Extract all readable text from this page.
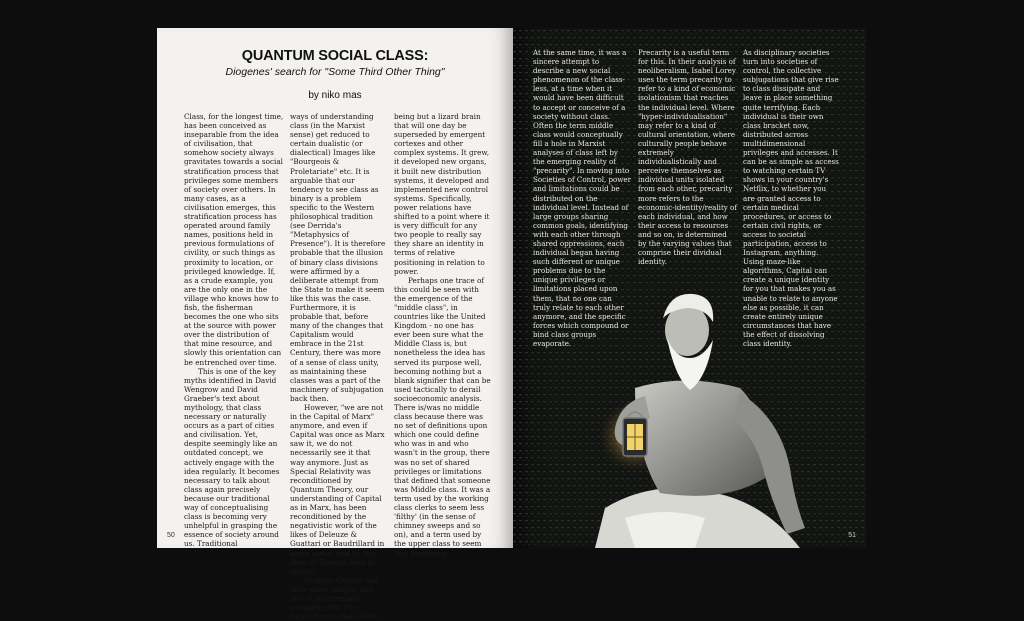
QUANTUM SOCIAL CLASS:
Diogenes' search for "Some Third Other Thing"
by niko mas

Class, for the longest time, has been conceived as inseparable from the idea of civilisation, that somehow society always gravitates towards a social stratification process that privileges some members of society over others. In many cases, as a civilisation emerges, this stratification process has operated around family names, positions held in previous formulations of civility, or such things as proximity to location, or privileged knowledge. If, as a crude example, you are the only one in the village who knows how to fish, the fisherman becomes the one who sits at the source with power over the distribution of that mine resource, and slowly this orientation can be entrenched over time.

This is one of the key myths identified in David Wengrow and David Graeber's text about mythology, that class necessary or naturally occurs as a part of cities and civilisation. Yet, despite seemingly like an outdated concept, we actively engage with the idea regularly. It becomes necessary to talk about class again precisely because our traditional way of conceptualising class is becoming very unhelpful in grasping the essence of society around us. Traditional

ways of understanding class (in the Marxist sense) get reduced to certain dualistic (or dialectical) Images like "Bourgeois & Proletariate" etc. It is arguable that our tendency to see class as binary is a problem specific to the Western philosophical tradition (see Derrida's "Metaphysics of Presence"). It is therefore probable that the illusion of binary class divisions were affirmed by a deliberate attempt from the State to make it seem like this was the case. Furthermore, it is probable that, before many of the changes that Capitalism would embrace in the 21st Century, there was more of a sense of class unity, as maintaining these classes was a part of the machinery of subjugation back then.

However, "we are not in the Capital of Marx" anymore, and even if Capital was once as Marx saw it, we do not necessarily see it that way anymore. Just as Special Relativity was reconditioned by Quantum Theory, our understanding of Capital as in Marx, has been reconditioned by the negativistic work of the likes of Deleuze & Guattari or Baudrillard in some areas, and by the likes of Thomas Nail in others.

Perhaps Capital was once more simple, and now it is extremely complex, with Ur-Capitalism in the 1600s

being but a lizard brain that will one day be superseded by emergent cortexes and other complex systems. It grew, it developed new organs, it built new distribution systems, it developed and implemented new control systems. Specifically, power relations have shifted to a point where it is very difficult for any two people to really say they share an identity in terms of relative positioning in relation to power.

Perhaps one trace of this could be seen with the emergence of the "middle class", in countries like the United Kingdom - no one has ever been sure what the Middle Class is, but nonetheless the idea has served its purpose well, becoming nothing but a blank signifier that can be used tactically to derail socioeconomic analysis. There is/was no middle class because there was no set of definitions upon which one could define who was in and who wasn't in the group, there was no set of shared privileges or limitations that defined that someone was Middle class. It was a term used by the working class clerks to seem less 'filthy' (in the sense of chimney sweeps and so on), and a term used by the upper class to seem less bourgeois.

50

At the same time, it was a sincere attempt to describe a new social phenomenon of the class-less, at a time when it would have been difficult to accept or conceive of a society without class. Often the term middle class would conceptually fill a hole in Marxist analyses of class left by the emerging reality of "precarity". In moving into Societies of Control, power and limitations could be distributed on the individual level. Instead of large groups sharing common goals, identifying with each other through shared oppressions, each individual began having such different or unique problems due to the unique privileges or limitations placed upon them, that no one can truly relate to each other anymore, and the specific forces which compound or bind class groups evaporate.

Precarity is a useful term for this. In their analysis of neoliberalism, Isabel Lorey uses the term precarity to refer to a kind of economic isolationism that reaches the individual level. Where "hyper-individualisation" may refer to a kind of cultural orientation, where culturally people behave extremely individualistically and perceive themselves as individual units isolated from each other, precarity more refers to the economic-identity/reality of each individual, and how their access to resources and so on, is determined by the varying values that comprise their dividual identity.

As disciplinary societies turn into societies of control, the collective subjugations that give rise to class dissipate and leave in place something quite terrifying. Each individual is their own class bracket now, distributed across multidimensional privileges and accesses. It can be as simple as access to watching certain TV shows in your country's Netflix, to whether you are granted access to certain medical procedures, or access to certain civil rights, or access to societal participation, access to Instagram, anything. Using maze-like algorithms, Capital can create a unique identity for you that makes you as unable to relate to anyone else as possible, it can create entirely unique circumstances that have the effect of dissolving class identity.

51
